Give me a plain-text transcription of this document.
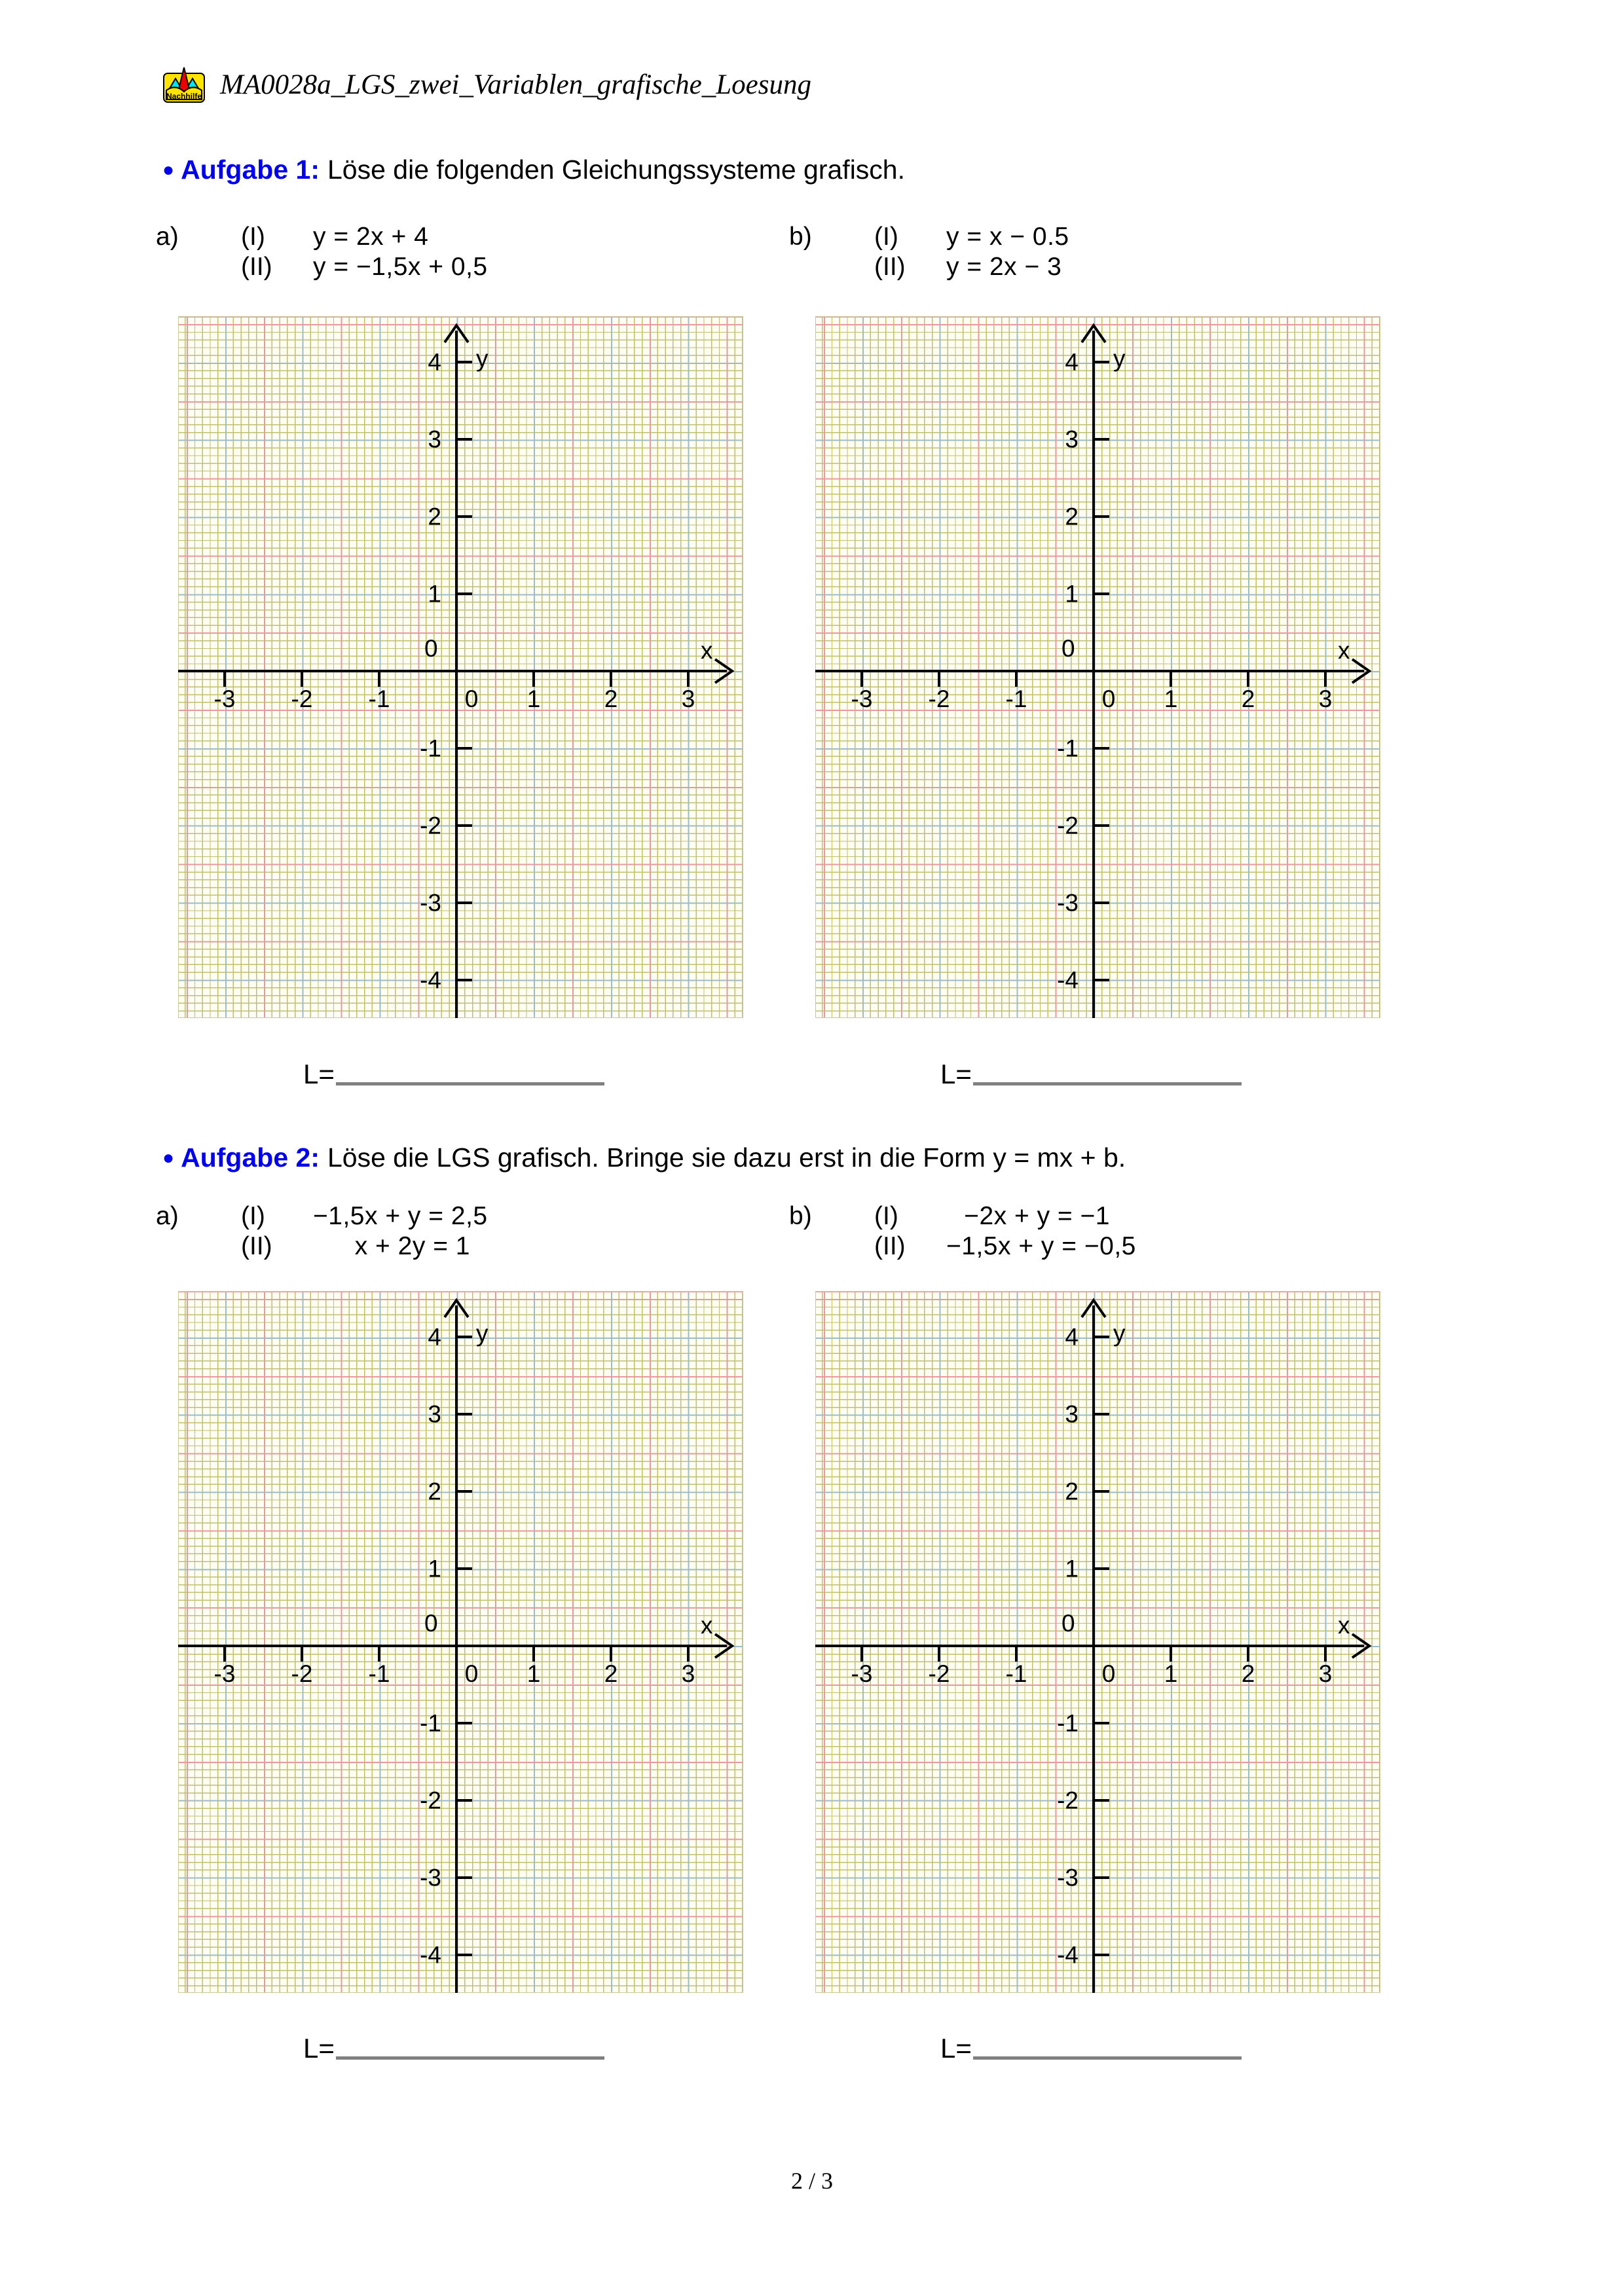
Nachhilfe MA0028a_LGS_zwei_Variablen_grafische_Loesung
● Aufgabe 1: Löse die folgenden Gleichungssysteme grafisch.
a) (I)	y = 2x + 4
(II)	y = −1,5x + 0,5
b) (I)	y = x − 0.5
(II)	y = 2x − 3
-3 -2 -1	0 1	2	3
0
4
3
2
1
-1
-2
-3
-4
y
x
-3 -2 -1	0 1	2	3
0
4
3
2
1
-1
-2
-3
-4
y
x
L=	L=
● Aufgabe 2: Löse die LGS grafisch. Bringe sie dazu erst in die Form y = mx + b.
a) (I)	−1,5x + y = 2,5
(II)	x + 2y = 1
b) (I)	−2x + y = −1
(II)	−1,5x + y = −0,5
-3 -2 -1	0 1	2	3
0
4
3
2
1
-1
-2
-3
-4
y
x
-3 -2 -1	0 1	2	3
0
4
3
2
1
-1
-2
-3
-4
y
x
L=	L=
2 / 3
